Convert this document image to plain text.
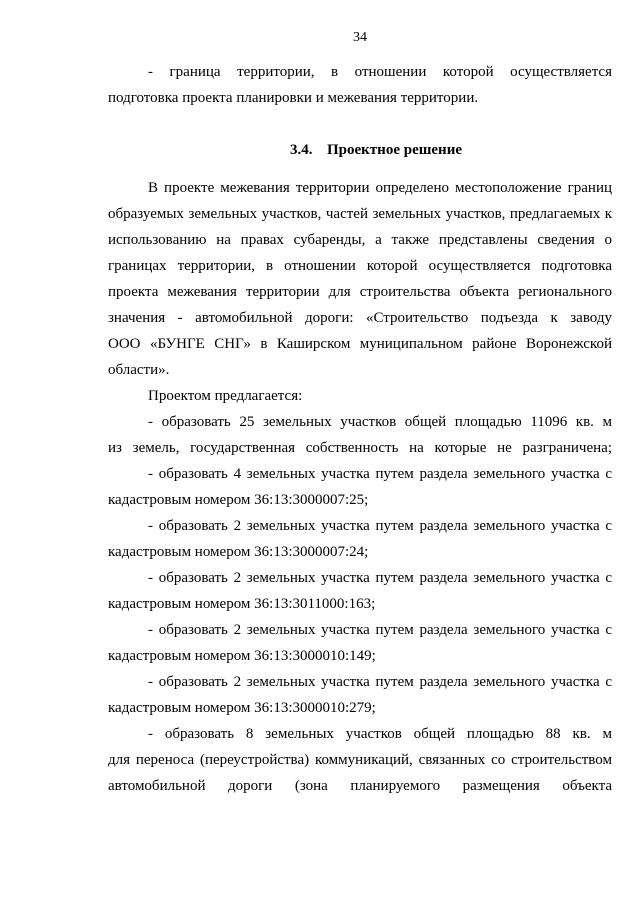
34
- граница территории, в отношении которой осуществляется
подготовка проекта планировки и межевания территории.
3.4. Проектное решение
В проекте межевания территории определено местоположение границ
образуемых земельных участков, частей земельных участков, предлагаемых к
использованию на правах субаренды, а также представлены сведения о
границах территории, в отношении которой осуществляется подготовка
проекта межевания территории для строительства объекта регионального
значения - автомобильной дороги: «Строительство подъезда к заводу
ООО «БУНГЕ СНГ» в Каширском муниципальном районе Воронежской
области».
Проектом предлагается:
- образовать 25 земельных участков общей площадью 11096 кв. м
из земель, государственная собственность на которые не разграничена;
- образовать 4 земельных участка путем раздела земельного участка с
кадастровым номером 36:13:3000007:25;
- образовать 2 земельных участка путем раздела земельного участка с
кадастровым номером 36:13:3000007:24;
- образовать 2 земельных участка путем раздела земельного участка с
кадастровым номером 36:13:3011000:163;
- образовать 2 земельных участка путем раздела земельного участка с
кадастровым номером 36:13:3000010:149;
- образовать 2 земельных участка путем раздела земельного участка с
кадастровым номером 36:13:3000010:279;
- образовать 8 земельных участков общей площадью 88 кв. м
для переноса (переустройства) коммуникаций, связанных со строительством
автомобильной дороги (зона планируемого размещения объекта
